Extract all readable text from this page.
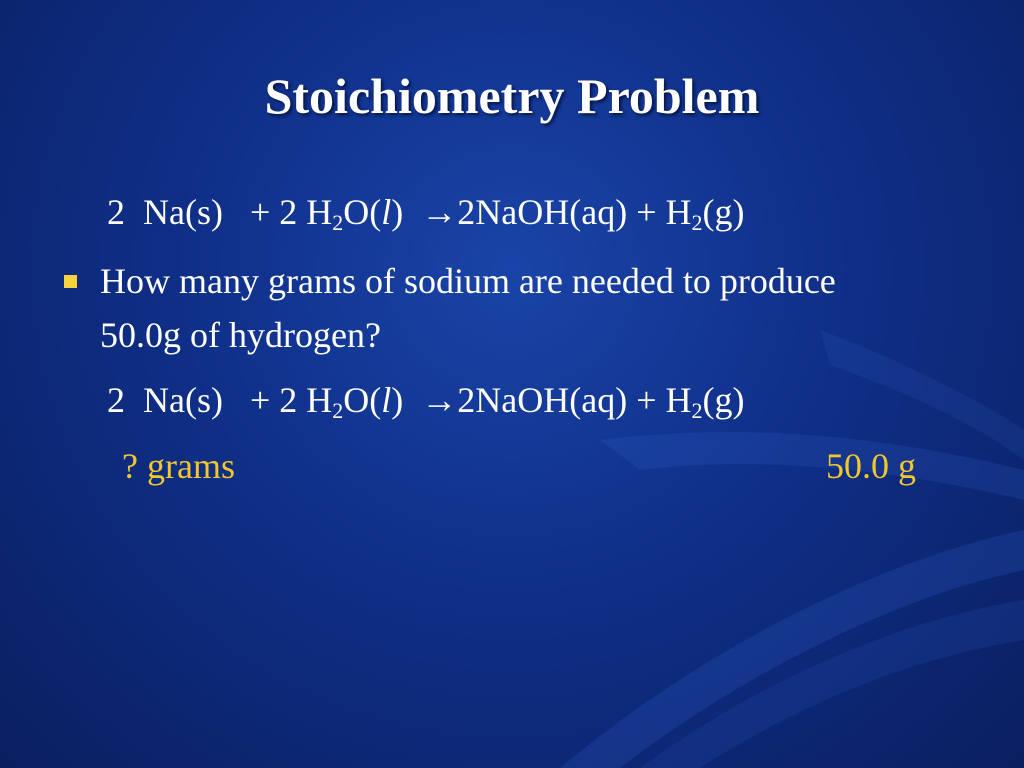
Stoichiometry Problem
2 Na(s) + 2 $H_2O(l)$ →2NaOH(aq) + $H_2(g)$
How many grams of sodium are needed to produce 50.0g of hydrogen?
2 Na(s) + 2 $H_2O(l)$ →2NaOH(aq) + $H_2(g)$
? grams	50.0 g
